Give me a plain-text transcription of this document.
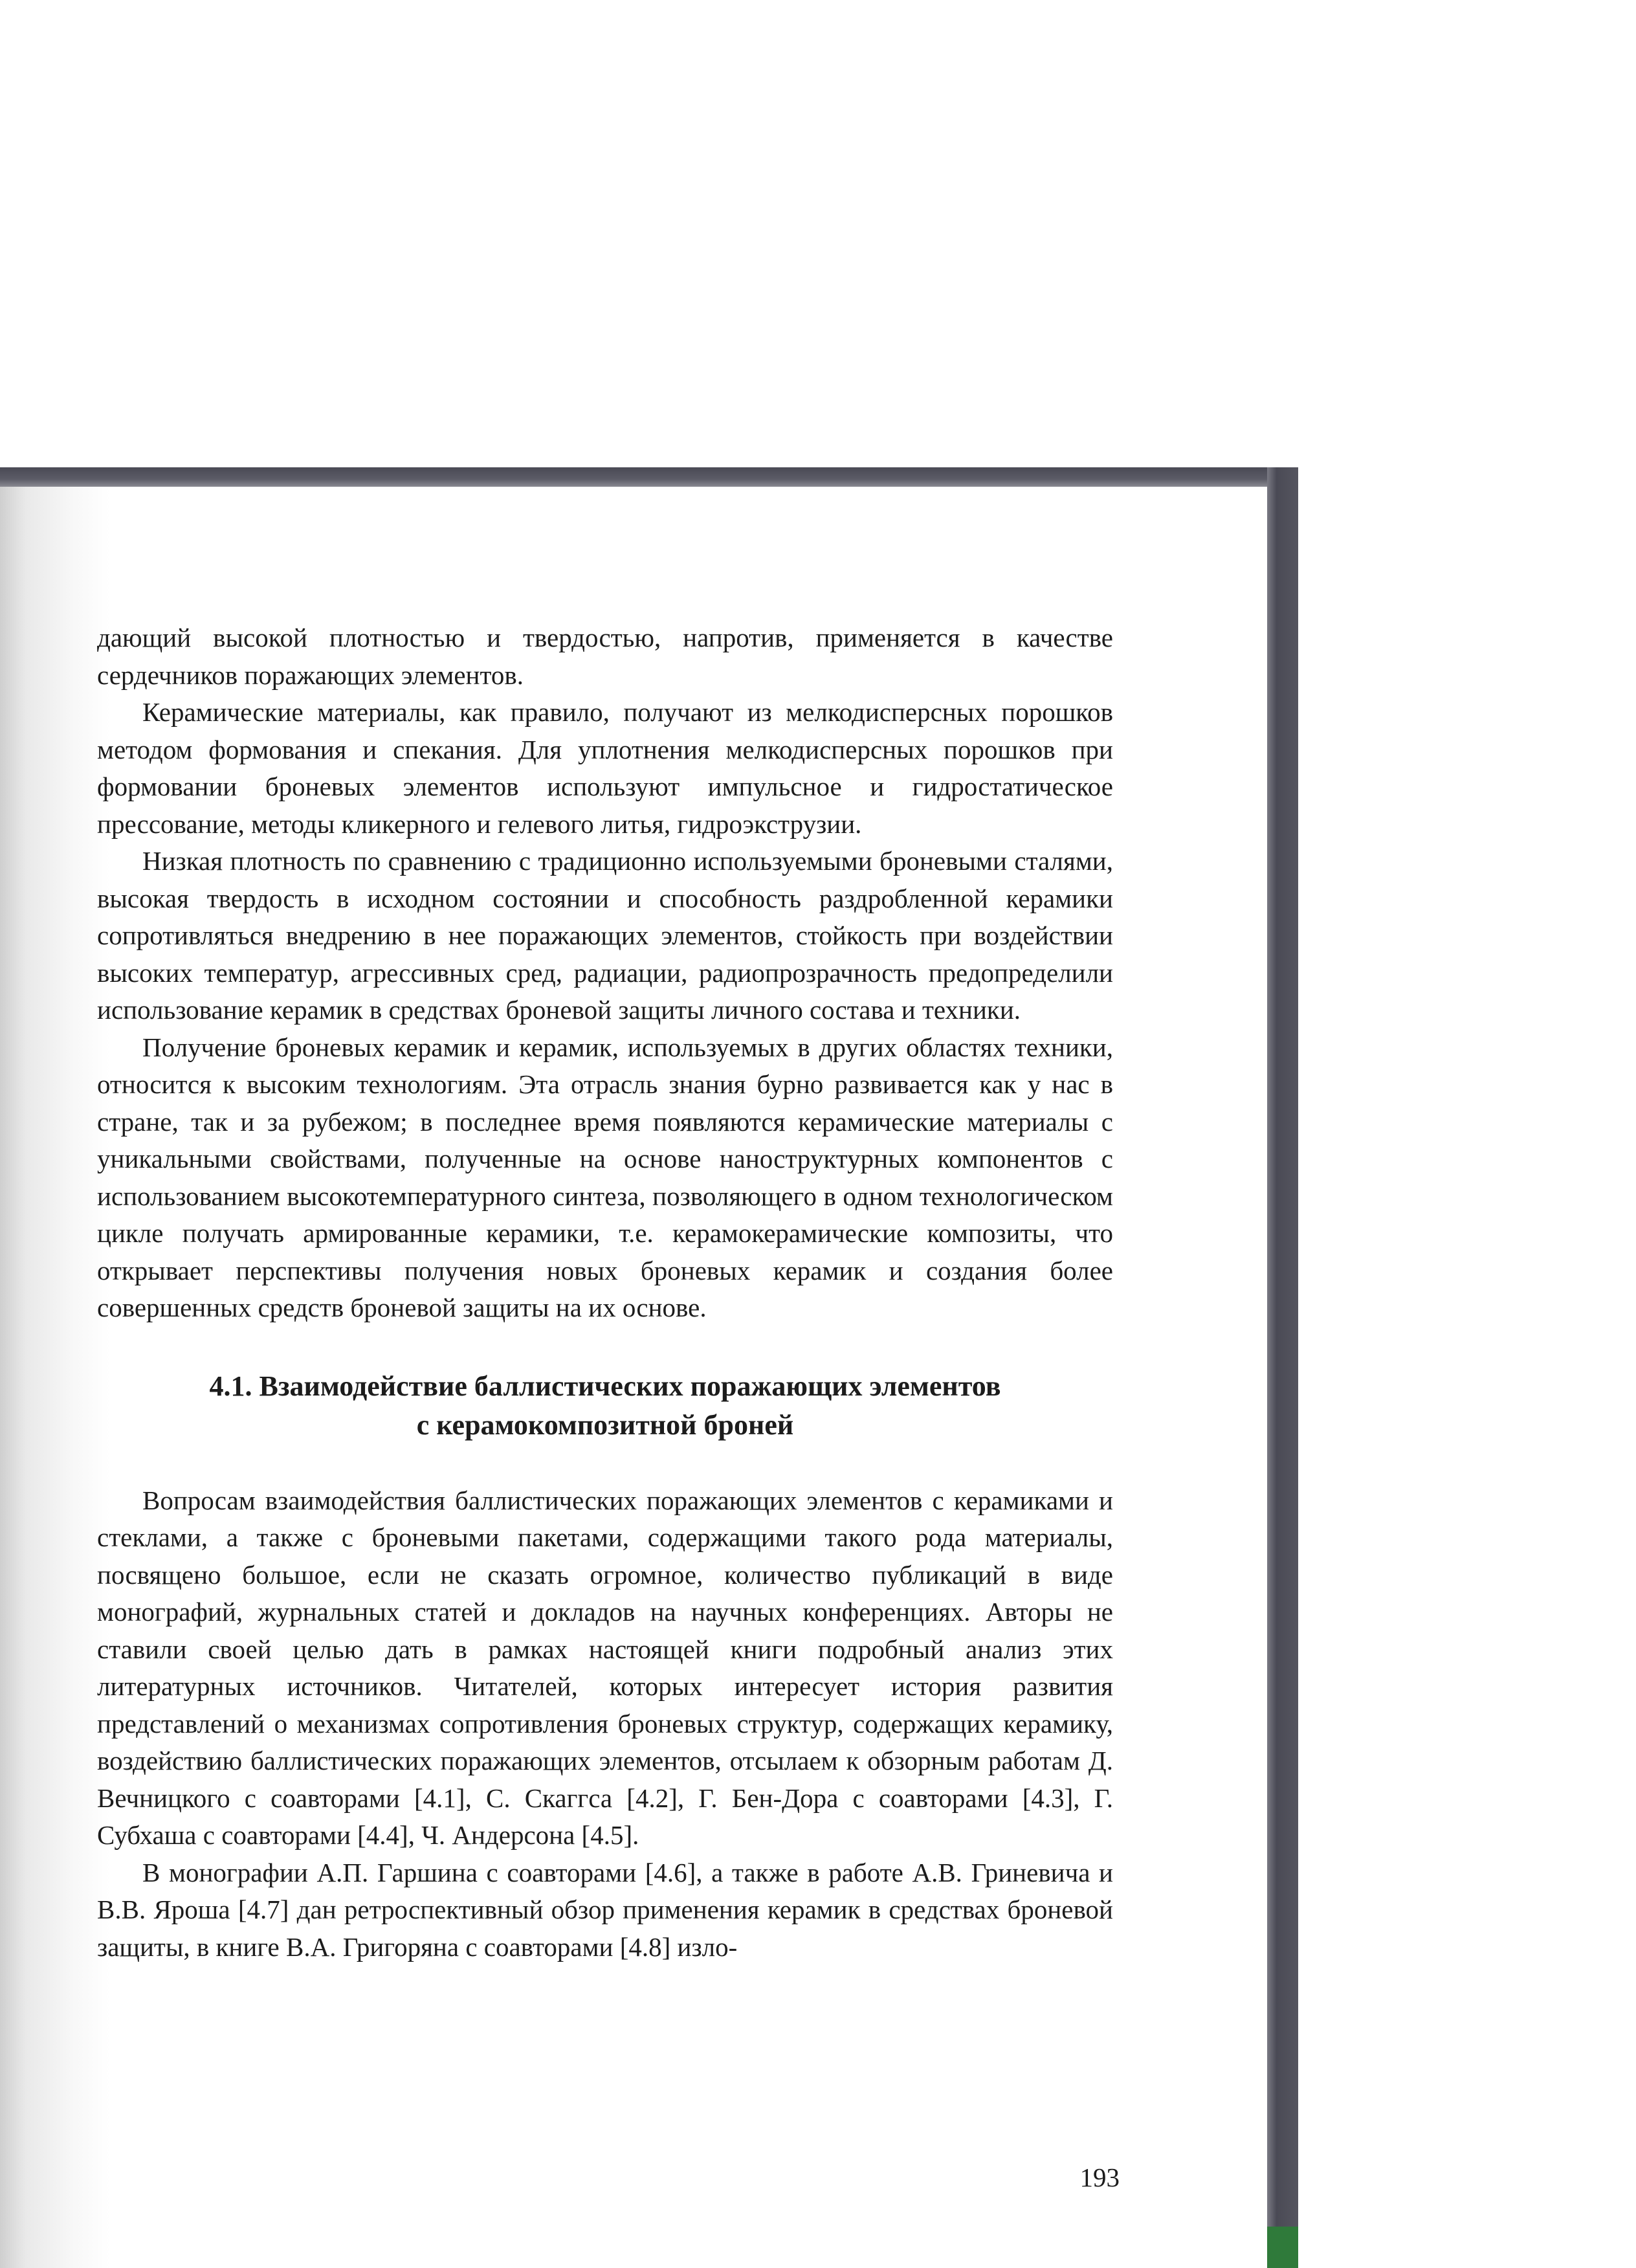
дающий высокой плотностью и твердостью, напротив, применяется в качестве сердечников поражающих элементов.

Керамические материалы, как правило, получают из мелкодисперсных порошков методом формования и спекания. Для уплотнения мелкодисперсных порошков при формовании броневых элементов используют импульсное и гидростатическое прессование, методы кликерного и гелевого литья, гидроэкструзии.

Низкая плотность по сравнению с традиционно используемыми броневыми сталями, высокая твердость в исходном состоянии и способность раздробленной керамики сопротивляться внедрению в нее поражающих элементов, стойкость при воздействии высоких температур, агрессивных сред, радиации, радиопрозрачность предопределили использование керамик в средствах броневой защиты личного состава и техники.

Получение броневых керамик и керамик, используемых в других областях техники, относится к высоким технологиям. Эта отрасль знания бурно развивается как у нас в стране, так и за рубежом; в последнее время появляются керамические материалы с уникальными свойствами, полученные на основе наноструктурных компонентов с использованием высокотемпературного синтеза, позволяющего в одном технологическом цикле получать армированные керамики, т.е. керамокерамические композиты, что открывает перспективы получения новых броневых керамик и создания более совершенных средств броневой защиты на их основе.

4.1. Взаимодействие баллистических поражающих элементов
с керамокомпозитной броней

Вопросам взаимодействия баллистических поражающих элементов с керамиками и стеклами, а также с броневыми пакетами, содержащими такого рода материалы, посвящено большое, если не сказать огромное, количество публикаций в виде монографий, журнальных статей и докладов на научных конференциях. Авторы не ставили своей целью дать в рамках настоящей книги подробный анализ этих литературных источников. Читателей, которых интересует история развития представлений о механизмах сопротивления броневых структур, содержащих керамику, воздействию баллистических поражающих элементов, отсылаем к обзорным работам Д. Вечницкого с соавторами [4.1], С. Скаггса [4.2], Г. Бен-Дора с соавторами [4.3], Г. Субхаша с соавторами [4.4], Ч. Андерсона [4.5].

В монографии А.П. Гаршина с соавторами [4.6], а также в работе А.В. Гриневича и В.В. Яроша [4.7] дан ретроспективный обзор применения керамик в средствах броневой защиты, в книге В.А. Григоряна с соавторами [4.8] изло-

193
